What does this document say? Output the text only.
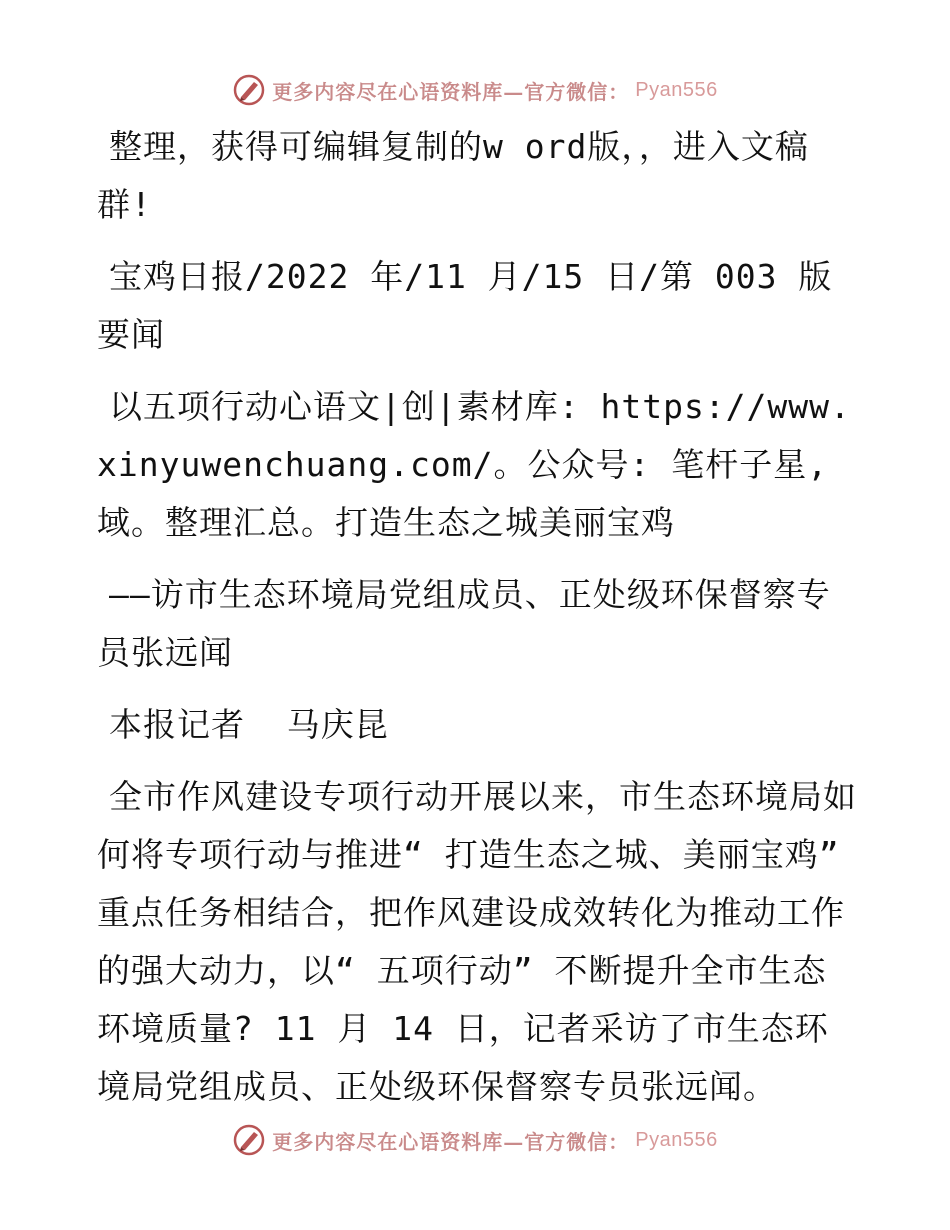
更多内容尽在心语资料库—官方微信： Pyan556

整理，获得可编辑复制的w ord版，，进入文稿群!

宝鸡日报/2022 年/11 月/15 日/第 003 版要闻

以五项行动心语文|创|素材库: https://www.xinyuwenchuang.com/。公众号: 笔杆子星,域。整理汇总。打造生态之城美丽宝鸡

——访市生态环境局党组成员、正处级环保督察专员张远闻

本报记者  马庆昆

全市作风建设专项行动开展以来，市生态环境局如何将专项行动与推进“ 打造生态之城、美丽宝鸡” 重点任务相结合，把作风建设成效转化为推动工作的强大动力，以“ 五项行动” 不断提升全市生态环境质量? 11 月 14 日，记者采访了市生态环境局党组成员、正处级环保督察专员张远闻。

更多内容尽在心语资料库—官方微信： Pyan556
